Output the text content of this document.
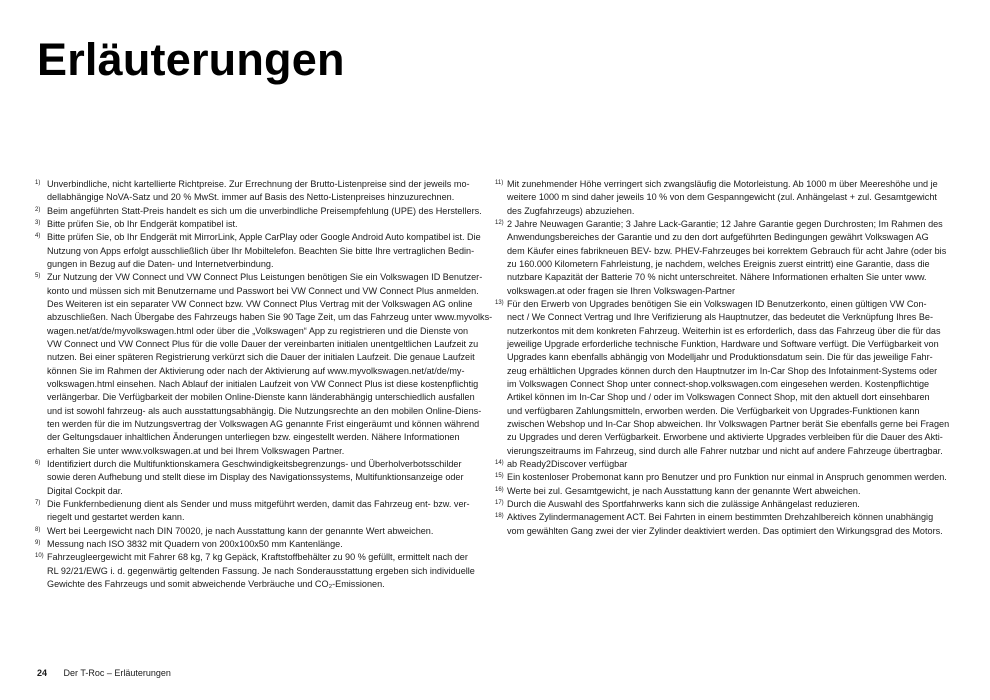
Erläuterungen
1) Unverbindliche, nicht kartellierte Richtpreise. Zur Errechnung der Brutto-Listenpreise sind der jeweils mo-
dellabhängige NoVA-Satz und 20 % MwSt. immer auf Basis des Netto-Listenpreises hinzuzurechnen.
2) Beim angeführten Statt-Preis handelt es sich um die unverbindliche Preisempfehlung (UPE) des Herstellers.
3) Bitte prüfen Sie, ob Ihr Endgerät kompatibel ist.
4) Bitte prüfen Sie, ob Ihr Endgerät mit MirrorLink, Apple CarPlay oder Google Android Auto kompatibel ist. Die
Nutzung von Apps erfolgt ausschließlich über Ihr Mobiltelefon. Beachten Sie bitte Ihre vertraglichen Bedin-
gungen in Bezug auf die Daten- und Internetverbindung.
5) Zur Nutzung der VW Connect und VW Connect Plus Leistungen benötigen Sie ein Volkswagen ID Benutzer-
konto und müssen sich mit Benutzername und Passwort bei VW Connect und VW Connect Plus anmelden.
Des Weiteren ist ein separater VW Connect bzw. VW Connect Plus Vertrag mit der Volkswagen AG online
abzuschließen. Nach Übergabe des Fahrzeugs haben Sie 90 Tage Zeit, um das Fahrzeug unter www.myvolks-
wagen.net/at/de/myvolkswagen.html oder über die „Volkswagen“ App zu registrieren und die Dienste von
VW Connect und VW Connect Plus für die volle Dauer der vereinbarten initialen unentgeltlichen Laufzeit zu
nutzen. Bei einer späteren Registrierung verkürzt sich die Dauer der initialen Laufzeit. Die genaue Laufzeit
können Sie im Rahmen der Aktivierung oder nach der Aktivierung auf www.myvolkswagen.net/at/de/my-
volkswagen.html einsehen. Nach Ablauf der initialen Laufzeit von VW Connect Plus ist diese kostenpflichtig
verlängerbar. Die Verfügbarkeit der mobilen Online-Dienste kann länderabhängig unterschiedlich ausfallen
und ist sowohl fahrzeug- als auch ausstattungsabhängig. Die Nutzungsrechte an den mobilen Online-Diens-
ten werden für die im Nutzungsvertrag der Volkswagen AG genannte Frist eingeräumt und können während
der Geltungsdauer inhaltlichen Änderungen unterliegen bzw. eingestellt werden. Nähere Informationen
erhalten Sie unter www.volkswagen.at und bei Ihrem Volkswagen Partner.
6) Identifiziert durch die Multifunktionskamera Geschwindigkeitsbegrenzungs- und Überholverbotsschilder
sowie deren Aufhebung und stellt diese im Display des Navigationssystems, Multifunktionsanzeige oder
Digital Cockpit dar.
7) Die Funkfernbedienung dient als Sender und muss mitgeführt werden, damit das Fahrzeug ent- bzw. ver-
riegelt und gestartet werden kann.
8) Wert bei Leergewicht nach DIN 70020, je nach Ausstattung kann der genannte Wert abweichen.
9) Messung nach ISO 3832 mit Quadern von 200x100x50 mm Kantenlänge.
10) Fahrzeugleergewicht mit Fahrer 68 kg, 7 kg Gepäck, Kraftstoffbehälter zu 90 % gefüllt, ermittelt nach der
RL 92/21/EWG i. d. gegenwärtig geltenden Fassung. Je nach Sonderausstattung ergeben sich individuelle
Gewichte des Fahrzeugs und somit abweichende Verbräuche und CO₂-Emissionen.
11) Mit zunehmender Höhe verringert sich zwangsläufig die Motorleistung. Ab 1000 m über Meereshöhe und je
weitere 1000 m sind daher jeweils 10 % von dem Gespanngewicht (zul. Anhängelast + zul. Gesamtgewicht
des Zugfahrzeugs) abzuziehen.
12) 2 Jahre Neuwagen Garantie; 3 Jahre Lack-Garantie; 12 Jahre Garantie gegen Durchrosten; Im Rahmen des
Anwendungsbereiches der Garantie und zu den dort aufgeführten Bedingungen gewährt Volkswagen AG
dem Käufer eines fabrikneuen BEV- bzw. PHEV-Fahrzeuges bei korrektem Gebrauch für acht Jahre (oder bis
zu 160.000 Kilometern Fahrleistung, je nachdem, welches Ereignis zuerst eintritt) eine Garantie, dass die
nutzbare Kapazität der Batterie 70 % nicht unterschreitet. Nähere Informationen erhalten Sie unter www.
volkswagen.at oder fragen sie Ihren Volkswagen-Partner
13) Für den Erwerb von Upgrades benötigen Sie ein Volkswagen ID Benutzerkonto, einen gültigen VW Con-
nect / We Connect Vertrag und Ihre Verifizierung als Hauptnutzer, das bedeutet die Verknüpfung Ihres Be-
nutzerkontos mit dem konkreten Fahrzeug. Weiterhin ist es erforderlich, dass das Fahrzeug über die für das
jeweilige Upgrade erforderliche technische Funktion, Hardware und Software verfügt. Die Verfügbarkeit von
Upgrades kann ebenfalls abhängig von Modelljahr und Produktionsdatum sein. Die für das jeweilige Fahr-
zeug erhältlichen Upgrades können durch den Hauptnutzer im In-Car Shop des Infotainment-Systems oder
im Volkswagen Connect Shop unter connect-shop.volkswagen.com eingesehen werden. Kostenpflichtige
Artikel können im In-Car Shop und / oder im Volkswagen Connect Shop, mit den aktuell dort einsehbaren
und verfügbaren Zahlungsmitteln, erworben werden. Die Verfügbarkeit von Upgrades-Funktionen kann
zwischen Webshop und In-Car Shop abweichen. Ihr Volkswagen Partner berät Sie ebenfalls gerne bei Fragen
zu Upgrades und deren Verfügbarkeit. Erworbene und aktivierte Upgrades verbleiben für die Dauer des Akti-
vierungszeitraums im Fahrzeug, sind durch alle Fahrer nutzbar und nicht auf andere Fahrzeuge übertragbar.
14) ab Ready2Discover verfügbar
15) Ein kostenloser Probemonat kann pro Benutzer und pro Funktion nur einmal in Anspruch genommen werden.
16) Werte bei zul. Gesamtgewicht, je nach Ausstattung kann der genannte Wert abweichen.
17) Durch die Auswahl des Sportfahrwerks kann sich die zulässige Anhängelast reduzieren.
18) Aktives Zylindermanagement ACT. Bei Fahrten in einem bestimmten Drehzahlbereich können unabhängig
vom gewählten Gang zwei der vier Zylinder deaktiviert werden. Das optimiert den Wirkungsgrad des Motors.
24 Der T-Roc – Erläuterungen
